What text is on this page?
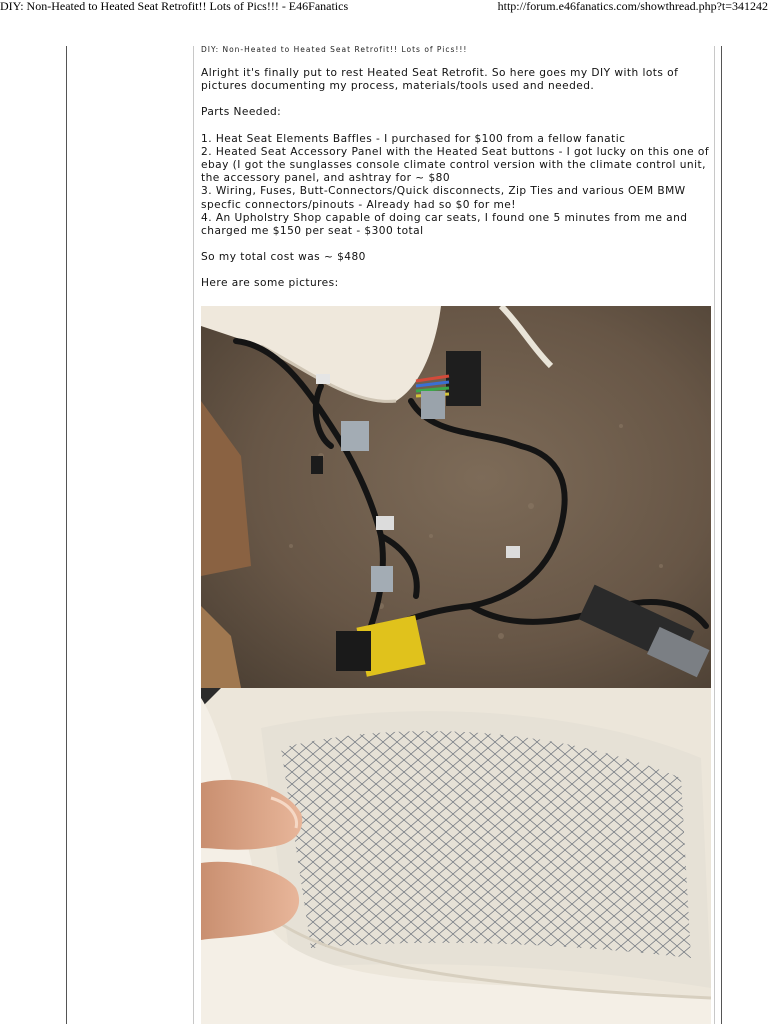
DIY: Non-Heated to Heated Seat Retrofit!! Lots of Pics!!! - E46Fanatics	http://forum.e46fanatics.com/showthread.php?t=341242
DIY: Non-Heated to Heated Seat Retrofit!! Lots of Pics!!!

Alright it's finally put to rest Heated Seat Retrofit. So here goes my DIY with lots of pictures documenting my process, materials/tools used and needed.

Parts Needed:

1. Heat Seat Elements Baffles - I purchased for $100 from a fellow fanatic

2. Heated Seat Accessory Panel with the Heated Seat buttons - I got lucky on this one of ebay (I got the sunglasses console climate control version with the climate control unit, the accessory panel, and ashtray for ~ $80

3. Wiring, Fuses, Butt-Connectors/Quick disconnects, Zip Ties and various OEM BMW specfic connectors/pinouts - Already had so $0 for me!

4. An Upholstry Shop capable of doing car seats, I found one 5 minutes from me and charged me $150 per seat - $300 total

So my total cost was ~ $480

Here are some pictures:
